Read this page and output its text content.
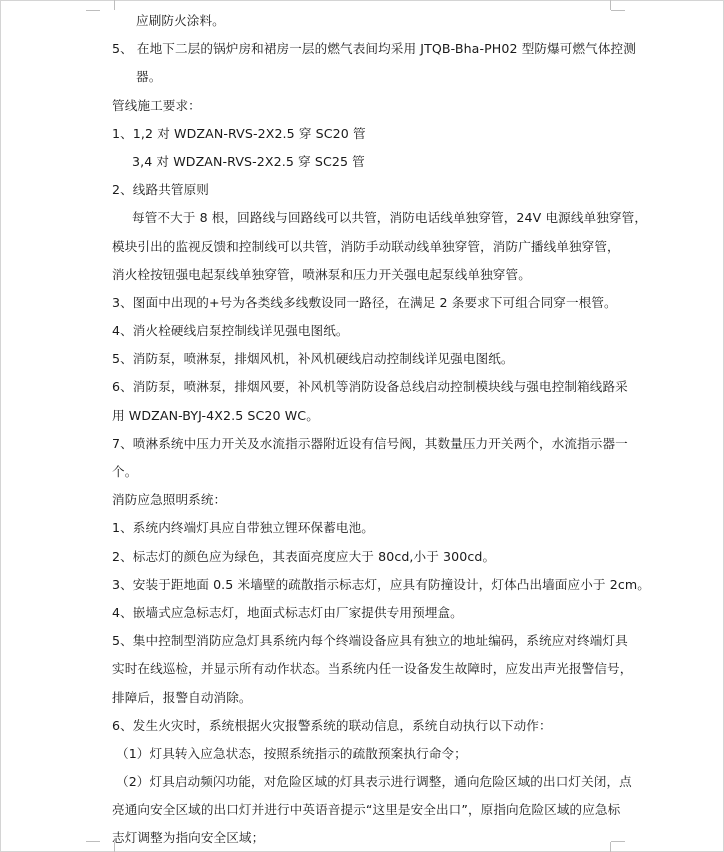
应刷防火涂料。
5、 在地下二层的锅炉房和裙房一层的燃气表间均采用 JTQB-Bha-PH02 型防爆可燃气体控测
器。
管线施工要求：
1、1,2 对 WDZAN-RVS-2X2.5 穿 SC20 管
3,4 对 WDZAN-RVS-2X2.5 穿 SC25 管
2、线路共管原则
每管不大于 8 根，回路线与回路线可以共管，消防电话线单独穿管，24V 电源线单独穿管，
模块引出的监视反馈和控制线可以共管，消防手动联动线单独穿管，消防广播线单独穿管，
消火栓按钮强电起泵线单独穿管，喷淋泵和压力开关强电起泵线单独穿管。
3、图面中出现的+号为各类线多线敷设同一路径，在满足 2 条要求下可组合同穿一根管。
4、消火栓硬线启泵控制线详见强电图纸。
5、消防泵，喷淋泵，排烟风机，补风机硬线启动控制线详见强电图纸。
6、消防泵，喷淋泵，排烟风要，补风机等消防设备总线启动控制模块线与强电控制箱线路采
用 WDZAN-BYJ-4X2.5 SC20 WC。
7、喷淋系统中压力开关及水流指示器附近设有信号阀，其数量压力开关两个，水流指示器一
个。
消防应急照明系统：
1、系统内终端灯具应自带独立锂环保蓄电池。
2、标志灯的颜色应为绿色，其表面亮度应大于 80cd,小于 300cd。
3、安装于距地面 0.5 米墙壁的疏散指示标志灯，应具有防撞设计，灯体凸出墙面应小于 2cm。
4、嵌墙式应急标志灯，地面式标志灯由厂家提供专用预埋盒。
5、集中控制型消防应急灯具系统内每个终端设备应具有独立的地址编码，系统应对终端灯具
实时在线巡检，并显示所有动作状态。当系统内任一设备发生故障时，应发出声光报警信号，
排障后，报警自动消除。
6、发生火灾时，系统根据火灾报警系统的联动信息，系统自动执行以下动作：
（1）灯具转入应急状态，按照系统指示的疏散预案执行命令；
（2）灯具启动频闪功能，对危险区域的灯具表示进行调整，通向危险区域的出口灯关闭，点
亮通向安全区域的出口灯并进行中英语音提示“这里是安全出口”，原指向危险区域的应急标
志灯调整为指向安全区域；
